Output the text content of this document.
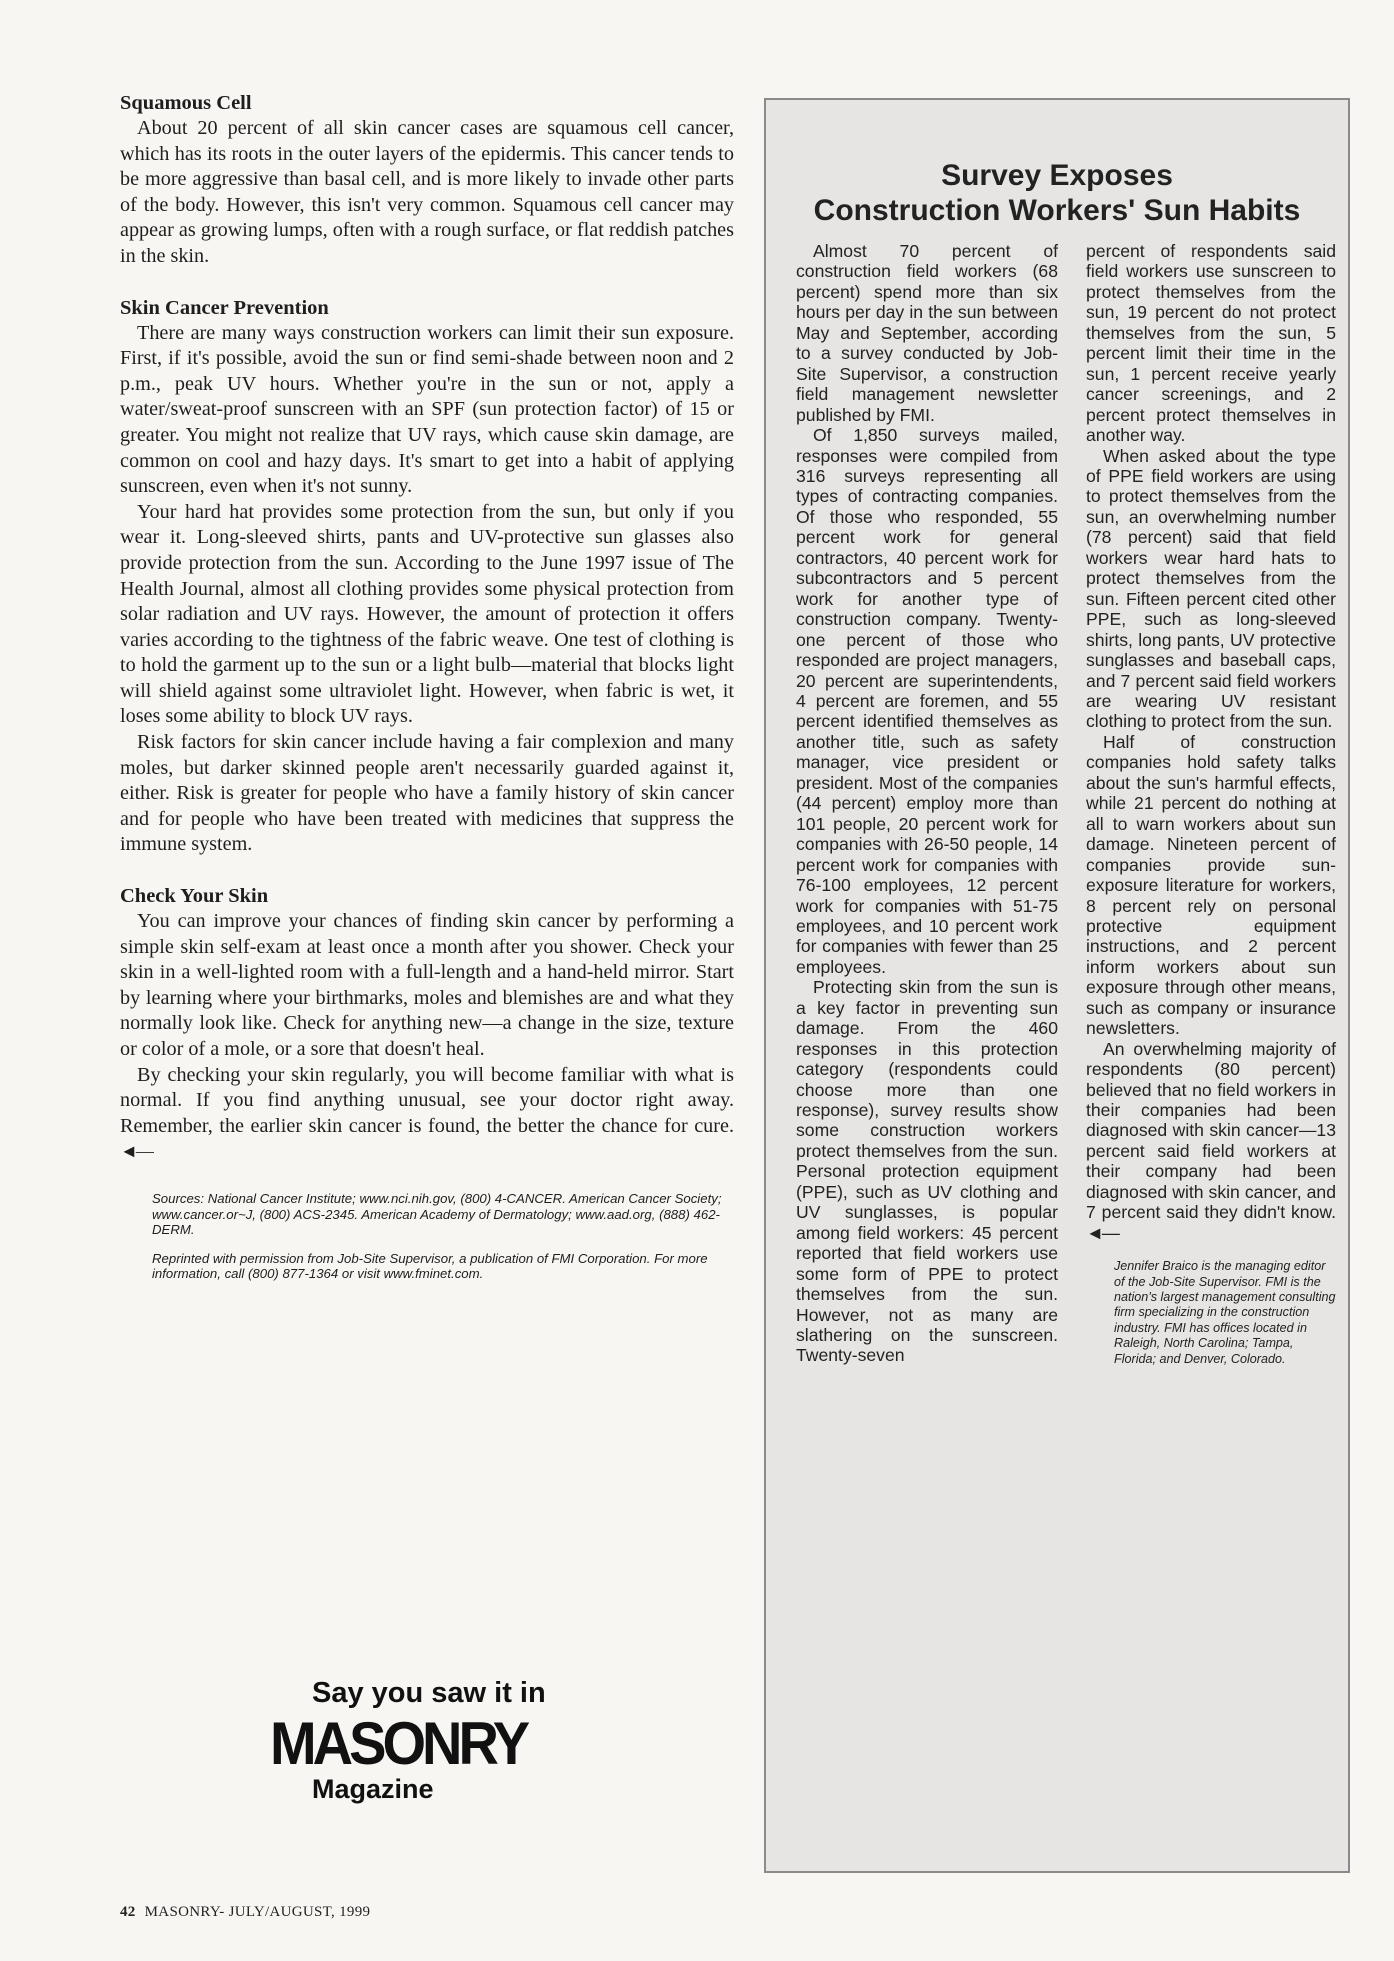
Squamous Cell

About 20 percent of all skin cancer cases are squamous cell cancer, which has its roots in the outer layers of the epidermis. This cancer tends to be more aggressive than basal cell, and is more likely to invade other parts of the body. However, this isn't very common. Squamous cell cancer may appear as growing lumps, often with a rough surface, or flat reddish patches in the skin.

Skin Cancer Prevention

There are many ways construction workers can limit their sun exposure. First, if it's possible, avoid the sun or find semi-shade between noon and 2 p.m., peak UV hours. Whether you're in the sun or not, apply a water/sweat-proof sunscreen with an SPF (sun protection factor) of 15 or greater. You might not realize that UV rays, which cause skin damage, are common on cool and hazy days. It's smart to get into a habit of applying sunscreen, even when it's not sunny.

Your hard hat provides some protection from the sun, but only if you wear it. Long-sleeved shirts, pants and UV-protective sun glasses also provide protection from the sun. According to the June 1997 issue of The Health Journal, almost all clothing provides some physical protection from solar radiation and UV rays. However, the amount of protection it offers varies according to the tightness of the fabric weave. One test of clothing is to hold the garment up to the sun or a light bulb—material that blocks light will shield against some ultraviolet light. However, when fabric is wet, it loses some ability to block UV rays.

Risk factors for skin cancer include having a fair complexion and many moles, but darker skinned people aren't necessarily guarded against it, either. Risk is greater for people who have a family history of skin cancer and for people who have been treated with medicines that suppress the immune system.

Check Your Skin

You can improve your chances of finding skin cancer by performing a simple skin self-exam at least once a month after you shower. Check your skin in a well-lighted room with a full-length and a hand-held mirror. Start by learning where your birthmarks, moles and blemishes are and what they normally look like. Check for anything new—a change in the size, texture or color of a mole, or a sore that doesn't heal.

By checking your skin regularly, you will become familiar with what is normal. If you find anything unusual, see your doctor right away. Remember, the earlier skin cancer is found, the better the chance for cure. ◄—

Sources: National Cancer Institute; www.nci.nih.gov, (800) 4-CANCER. American Cancer Society; www.cancer.or~J, (800) ACS-2345. American Academy of Dermatology; www.aad.org, (888) 462-DERM.

Reprinted with permission from Job-Site Supervisor, a publication of FMI Corporation. For more information, call (800) 877-1364 or visit www.fminet.com.

Say you saw it in
MASONRY
Magazine
Survey Exposes
Construction Workers' Sun Habits

Almost 70 percent of construction field workers (68 percent) spend more than six hours per day in the sun between May and September, according to a survey conducted by Job-Site Supervisor, a construction field management newsletter published by FMI.

Of 1,850 surveys mailed, responses were compiled from 316 surveys representing all types of contracting companies. Of those who responded, 55 percent work for general contractors, 40 percent work for subcontractors and 5 percent work for another type of construction company. Twenty-one percent of those who responded are project managers, 20 percent are superintendents, 4 percent are foremen, and 55 percent identified themselves as another title, such as safety manager, vice president or president. Most of the companies (44 percent) employ more than 101 people, 20 percent work for companies with 26-50 people, 14 percent work for companies with 76-100 employees, 12 percent work for companies with 51-75 employees, and 10 percent work for companies with fewer than 25 employees.

Protecting skin from the sun is a key factor in preventing sun damage. From the 460 responses in this protection category (respondents could choose more than one response), survey results show some construction workers protect themselves from the sun. Personal protection equipment (PPE), such as UV clothing and UV sunglasses, is popular among field workers: 45 percent reported that field workers use some form of PPE to protect themselves from the sun. However, not as many are slathering on the sunscreen. Twenty-seven

percent of respondents said field workers use sunscreen to protect themselves from the sun, 19 percent do not protect themselves from the sun, 5 percent limit their time in the sun, 1 percent receive yearly cancer screenings, and 2 percent protect themselves in another way.

When asked about the type of PPE field workers are using to protect themselves from the sun, an overwhelming number (78 percent) said that field workers wear hard hats to protect themselves from the sun. Fifteen percent cited other PPE, such as long-sleeved shirts, long pants, UV protective sunglasses and baseball caps, and 7 percent said field workers are wearing UV resistant clothing to protect from the sun.

Half of construction companies hold safety talks about the sun's harmful effects, while 21 percent do nothing at all to warn workers about sun damage. Nineteen percent of companies provide sun-exposure literature for workers, 8 percent rely on personal protective equipment instructions, and 2 percent inform workers about sun exposure through other means, such as company or insurance newsletters.

An overwhelming majority of respondents (80 percent) believed that no field workers in their companies had been diagnosed with skin cancer—13 percent said field workers at their company had been diagnosed with skin cancer, and 7 percent said they didn't know. ◄—

Jennifer Braico is the managing editor of the Job-Site Supervisor. FMI is the nation's largest management consulting firm specializing in the construction industry. FMI has offices located in Raleigh, North Carolina; Tampa, Florida; and Denver, Colorado.

42 MASONRY- JULY/AUGUST, 1999
